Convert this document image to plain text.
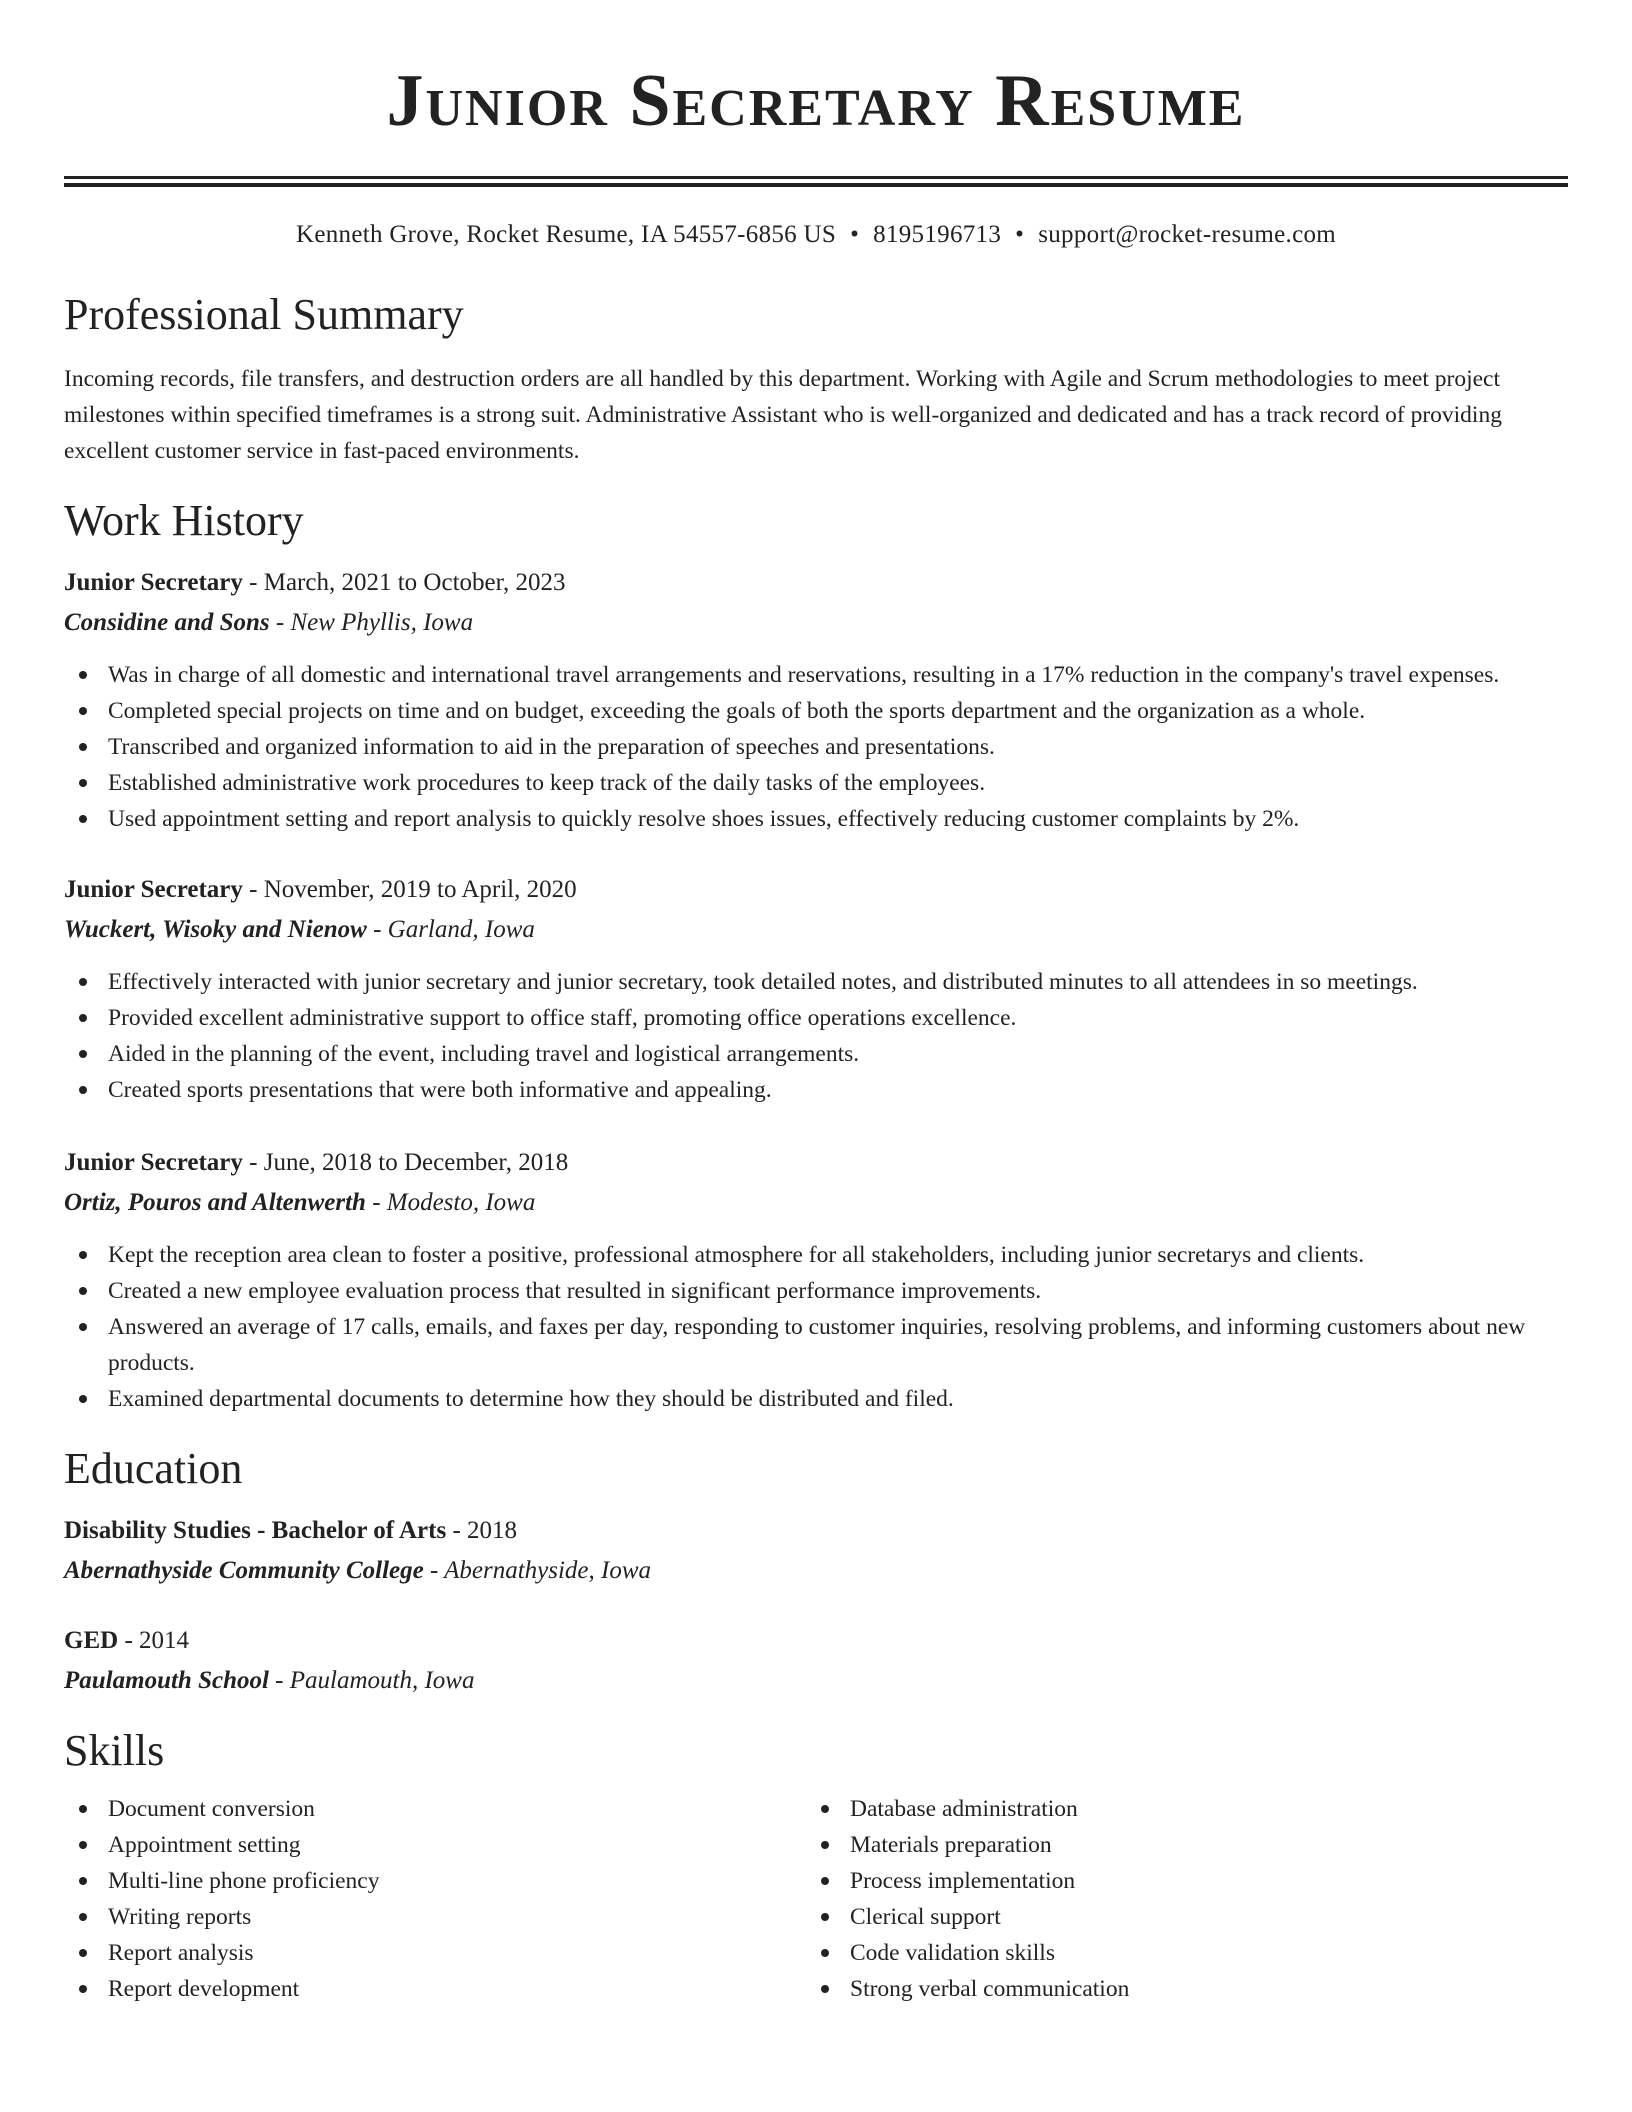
Junior Secretary Resume
Kenneth Grove, Rocket Resume, IA 54557-6856 US • 8195196713 • support@rocket-resume.com
Professional Summary
Incoming records, file transfers, and destruction orders are all handled by this department. Working with Agile and Scrum methodologies to meet project milestones within specified timeframes is a strong suit. Administrative Assistant who is well-organized and dedicated and has a track record of providing excellent customer service in fast-paced environments.
Work History
Junior Secretary - March, 2021 to October, 2023
Considine and Sons - New Phyllis, Iowa
Was in charge of all domestic and international travel arrangements and reservations, resulting in a 17% reduction in the company's travel expenses.
Completed special projects on time and on budget, exceeding the goals of both the sports department and the organization as a whole.
Transcribed and organized information to aid in the preparation of speeches and presentations.
Established administrative work procedures to keep track of the daily tasks of the employees.
Used appointment setting and report analysis to quickly resolve shoes issues, effectively reducing customer complaints by 2%.
Junior Secretary - November, 2019 to April, 2020
Wuckert, Wisoky and Nienow - Garland, Iowa
Effectively interacted with junior secretary and junior secretary, took detailed notes, and distributed minutes to all attendees in so meetings.
Provided excellent administrative support to office staff, promoting office operations excellence.
Aided in the planning of the event, including travel and logistical arrangements.
Created sports presentations that were both informative and appealing.
Junior Secretary - June, 2018 to December, 2018
Ortiz, Pouros and Altenwerth - Modesto, Iowa
Kept the reception area clean to foster a positive, professional atmosphere for all stakeholders, including junior secretarys and clients.
Created a new employee evaluation process that resulted in significant performance improvements.
Answered an average of 17 calls, emails, and faxes per day, responding to customer inquiries, resolving problems, and informing customers about new products.
Examined departmental documents to determine how they should be distributed and filed.
Education
Disability Studies - Bachelor of Arts - 2018
Abernathyside Community College - Abernathyside, Iowa
GED - 2014
Paulamouth School - Paulamouth, Iowa
Skills
Document conversion
Appointment setting
Multi-line phone proficiency
Writing reports
Report analysis
Report development
Database administration
Materials preparation
Process implementation
Clerical support
Code validation skills
Strong verbal communication
